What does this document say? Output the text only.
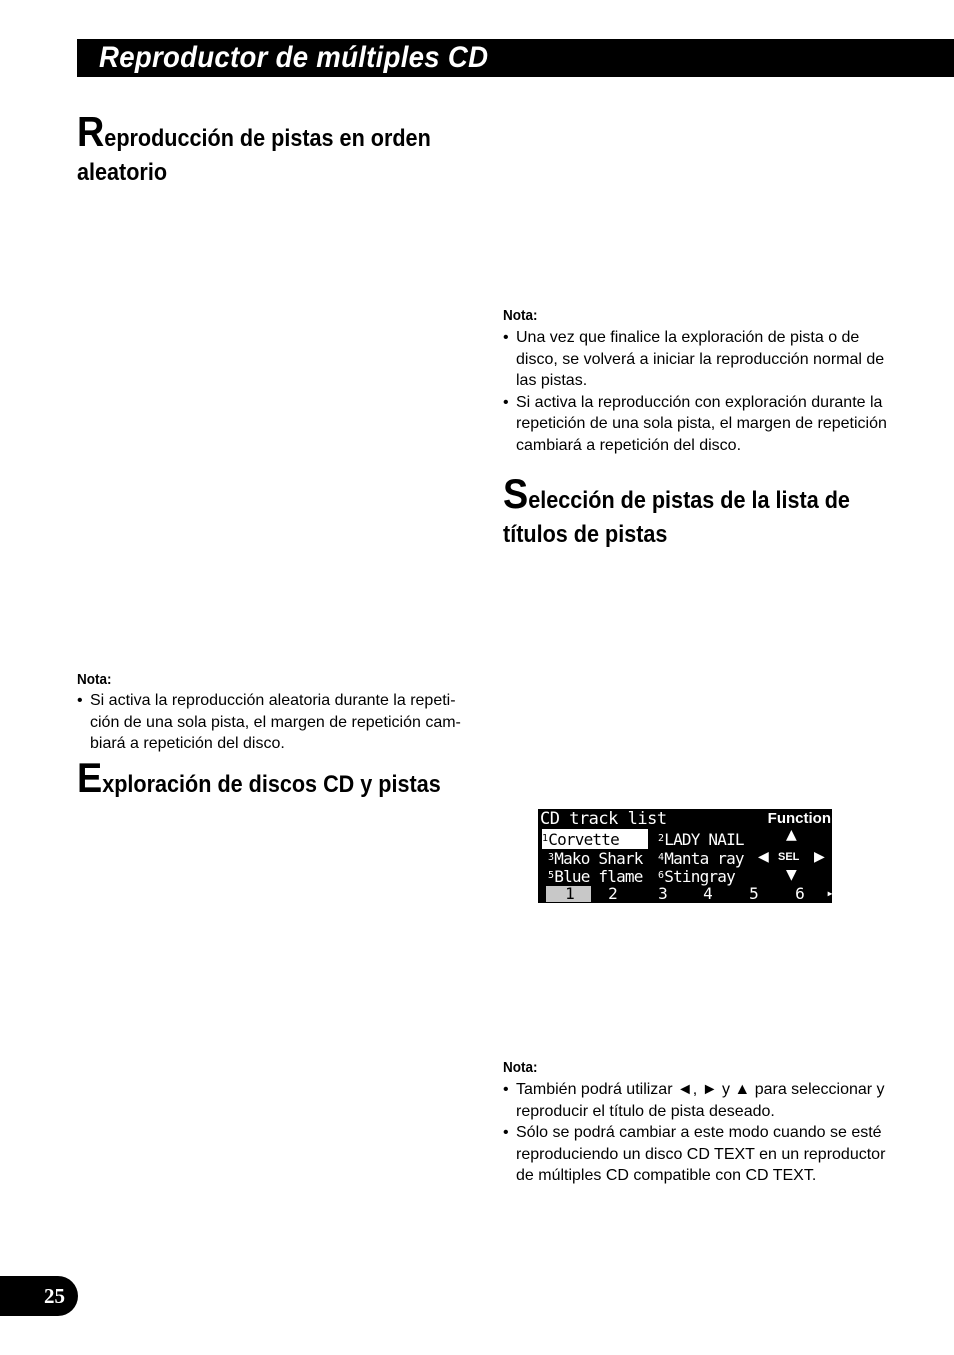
Reproductor de múltiples CD
Reproducción de pistas en orden
aleatorio
Nota:
• Si activa la reproducción aleatoria durante la repeti-
ción de una sola pista, el margen de repetición cam-
biará a repetición del disco.
Exploración de discos CD y pistas
Nota:
• Una vez que finalice la exploración de pista o de
disco, se volverá a iniciar la reproducción normal de
las pistas.
• Si activa la reproducción con exploración durante la
repetición de una sola pista, el margen de repetición
cambiará a repetición del disco.
Selección de pistas de la lista de
títulos de pistas
CD track list	Function
$^1$Corvette	$^2$LADY NAIL
$^3$Mako Shark $^4$Manta ray
$^5$Blue flame $^6$Stingray
▲
◀ SEL ▶
▼
1	2	3	4	5	6	▶
Nota:
• También podrá utilizar ◄, ► y ▲ para seleccionar y
reproducir el título de pista deseado.
• Sólo se podrá cambiar a este modo cuando se esté
reproduciendo un disco CD TEXT en un reproductor
de múltiples CD compatible con CD TEXT.
25
